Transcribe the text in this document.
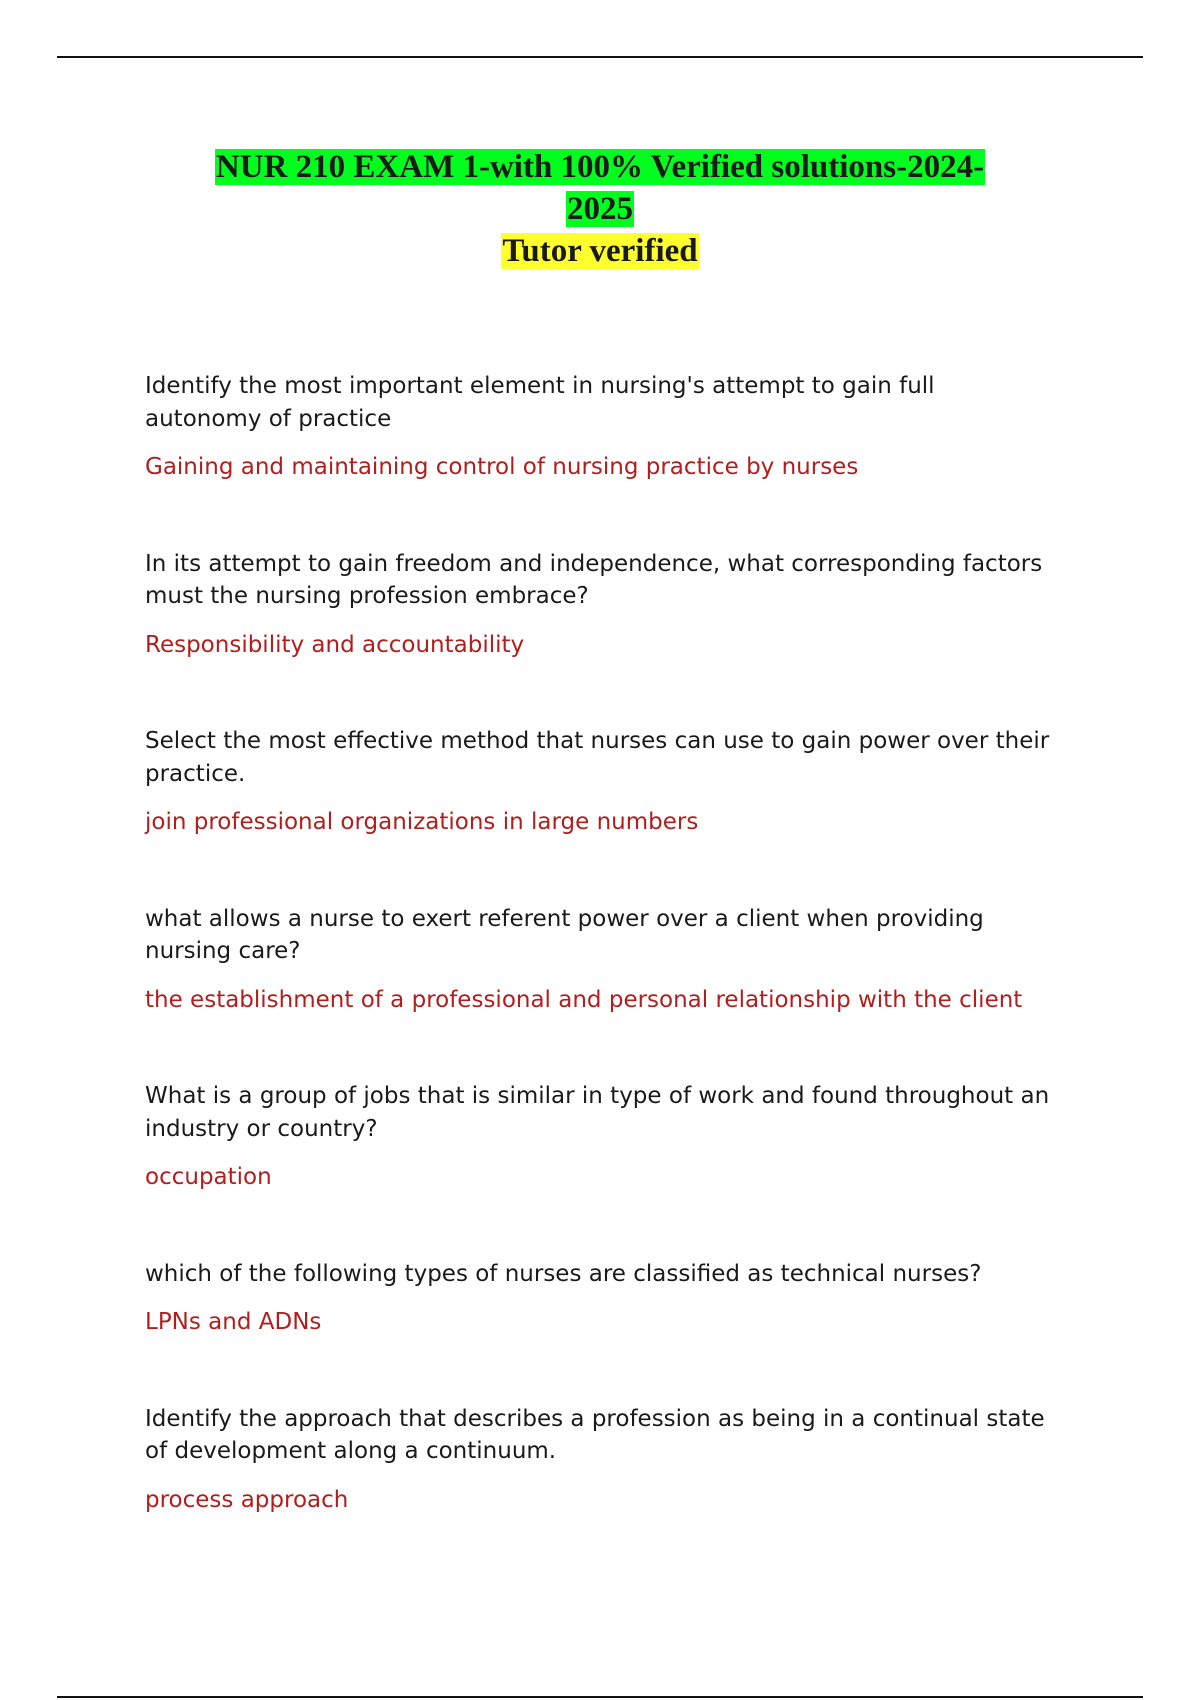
NUR 210 EXAM 1-with 100% Verified solutions-2024-
2025
Tutor verified

Identify the most important element in nursing's attempt to gain full autonomy of practice

Gaining and maintaining control of nursing practice by nurses

In its attempt to gain freedom and independence, what corresponding factors must the nursing profession embrace?

Responsibility and accountability

Select the most effective method that nurses can use to gain power over their practice.

join professional organizations in large numbers

what allows a nurse to exert referent power over a client when providing nursing care?

the establishment of a professional and personal relationship with the client

What is a group of jobs that is similar in type of work and found throughout an industry or country?

occupation

which of the following types of nurses are classified as technical nurses?

LPNs and ADNs

Identify the approach that describes a profession as being in a continual state of development along a continuum.

process approach
